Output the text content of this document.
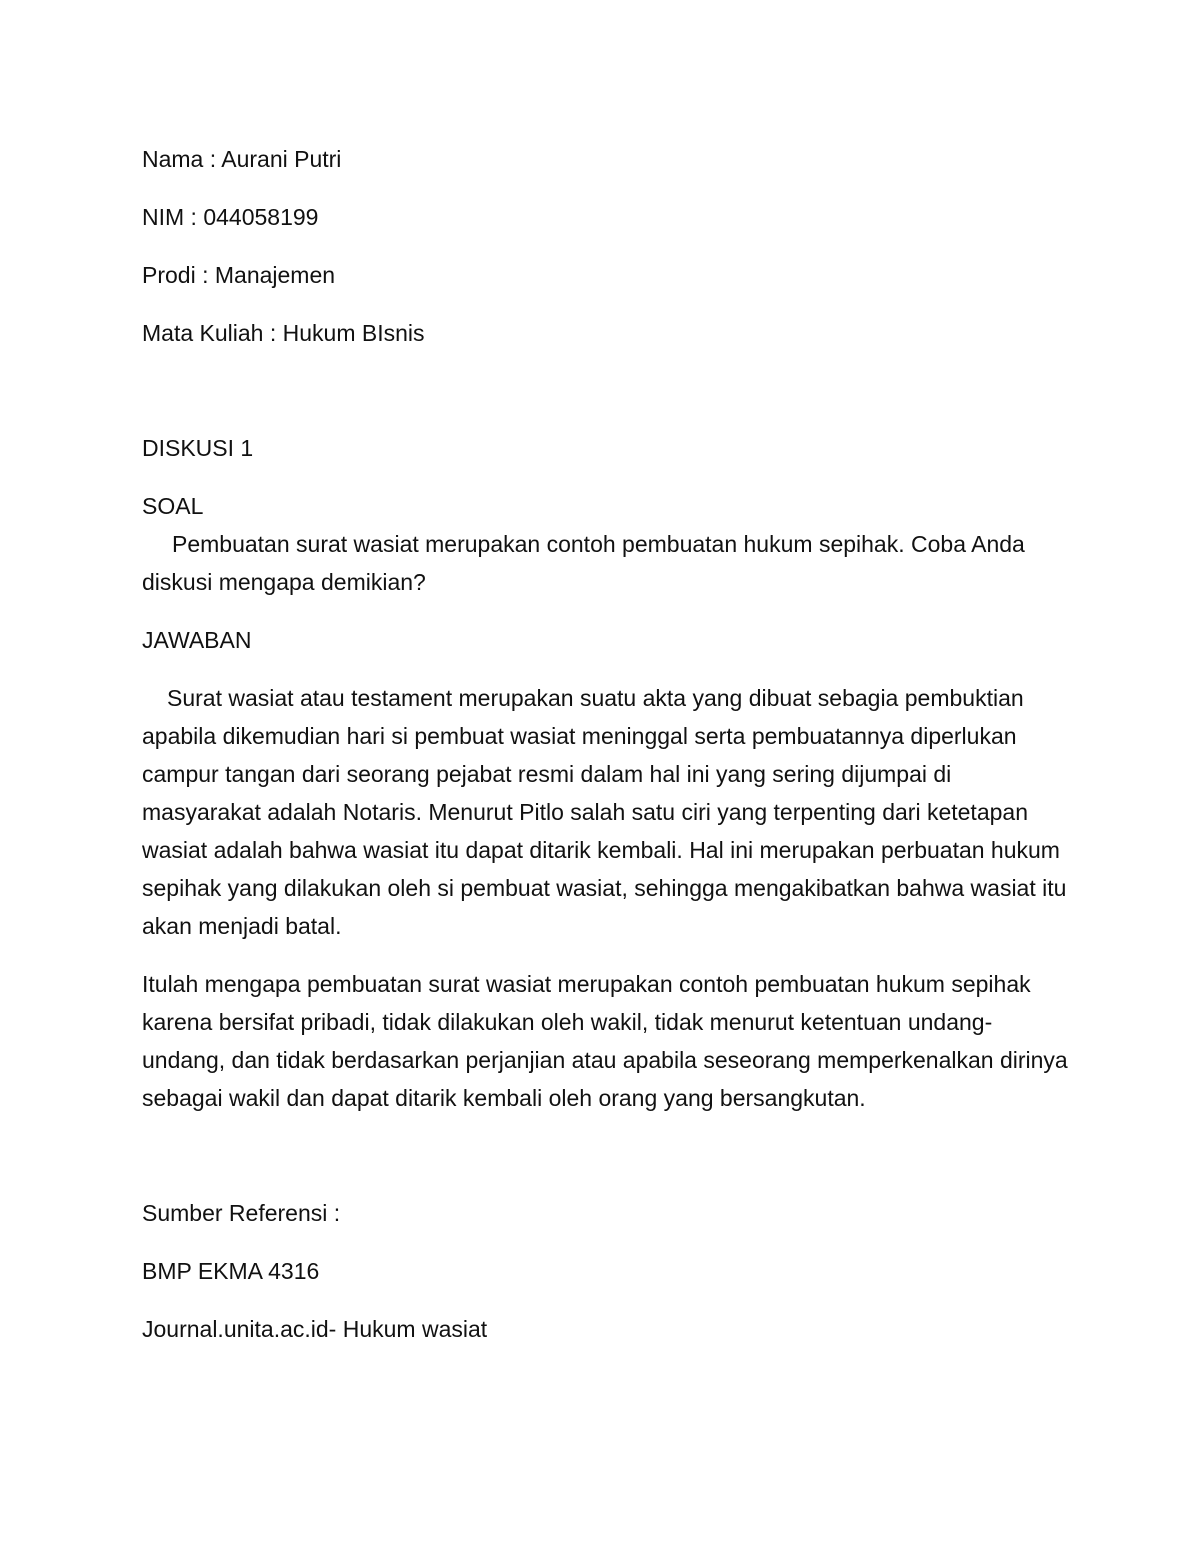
Nama : Aurani Putri

NIM : 044058199

Prodi : Manajemen

Mata Kuliah : Hukum BIsnis

DISKUSI 1

SOAL

Pembuatan surat wasiat merupakan contoh pembuatan hukum sepihak. Coba Anda diskusi mengapa demikian?

JAWABAN

Surat wasiat atau testament merupakan suatu akta yang dibuat sebagia pembuktian apabila dikemudian hari si pembuat wasiat meninggal serta pembuatannya diperlukan campur tangan dari seorang pejabat resmi dalam hal ini yang sering dijumpai di masyarakat adalah Notaris. Menurut Pitlo salah satu ciri yang terpenting dari ketetapan wasiat adalah bahwa wasiat itu dapat ditarik kembali. Hal ini merupakan perbuatan hukum sepihak yang dilakukan oleh si pembuat wasiat, sehingga mengakibatkan bahwa wasiat itu akan menjadi batal.

Itulah mengapa pembuatan surat wasiat merupakan contoh pembuatan hukum sepihak karena bersifat pribadi, tidak dilakukan oleh wakil, tidak menurut ketentuan undang-undang, dan tidak berdasarkan perjanjian atau apabila seseorang memperkenalkan dirinya sebagai wakil dan dapat ditarik kembali oleh orang yang bersangkutan.

Sumber Referensi :

BMP EKMA 4316

Journal.unita.ac.id- Hukum wasiat
